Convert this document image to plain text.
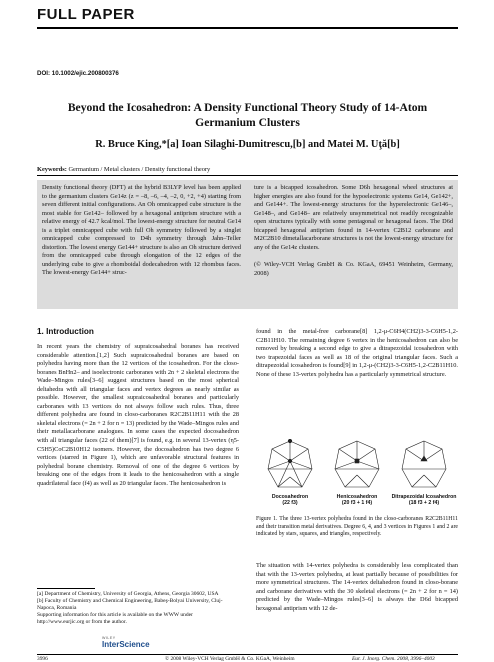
FULL PAPER
DOI: 10.1002/ejic.200800376
Beyond the Icosahedron: A Density Functional Theory Study of 14-Atom
Germanium Clusters
R. Bruce King,*[a] Ioan Silaghi-Dumitrescu,[b] and Matei M. Uţă[b]
Keywords: Germanium / Metal clusters / Density functional theory
Density functional theory (DFT) at the hybrid B3LYP level has been applied to the germanium clusters Ge14z (z = –8, –6, –4, –2, 0, +2, +4) starting from seven different initial configurations. An Oh omnicapped cube structure is the most stable for Ge142– followed by a hexagonal antiprism structure with a relative energy of 42.7 kcal/mol. The lowest-energy structure for neutral Ge14 is a triplet omnicapped cube with full Oh symmetry followed by a singlet omnicapped cube compressed to D4h symmetry through Jahn–Teller distortion. The lowest energy Ge144+ structure is also an Oh structure derived from the omnicapped cube through elongation of the 12 edges of the underlying cube to give a rhomboidal dodecahedron with 12 rhombus faces. The lowest-energy Ge144+ struc-
ture is a bicapped icosahedron. Some D6h hexagonal wheel structures at higher energies are also found for the hypoelectronic systems Ge14, Ge142+, and Ge144+. The lowest-energy structures for the hyperelectronic Ge146–, Ge148–, and Ge148– are relatively unsymmetrical not readily recognizable open structures typically with some pentagonal or hexagonal faces. The D6d bicapped hexagonal antiprism found in 14-vertex C2B12 carborane and M2C2B10 dimetallacarborane structures is not the lowest-energy structure for any of the Ge14z clusters.
(© Wiley-VCH Verlag GmbH & Co. KGaA, 69451 Weinheim, Germany, 2008)
1. Introduction
In recent years the chemistry of supraicosahedral boranes has received considerable attention.[1,2] Such supraicosahedral boranes are based on polyhedra having more than the 12 vertices of the icosahedron. For the closo-boranes BnHn2– and isoelectronic carboranes with 2n + 2 skeletal electrons the Wade–Mingos rules[3–6] suggest structures based on the most spherical deltahedra with all triangular faces and vertex degrees as nearly similar as possible. However, the smallest supraicosahedral boranes and particularly carboranes with 13 vertices do not always follow such rules. Thus, three different polyhedra are found in closo-carboranes R2C2B11H11 with the 28 skeletal electrons (= 2n + 2 for n = 13) predicted by the Wade–Mingos rules and their metallacarborane analogues. In some cases the expected docosahedron with all triangular faces (22 of them)[7] is found, e.g. in several 13-vertex (η5-C5H5)CoC2B10H12 isomers. However, the docosahedron has two degree 6 vertices (starred in Figure 1), which are unfavorable structural features in polyhedral borane chemistry. Removal of one of the degree 6 vertices by breaking one of the edges from it leads to the henicosahedron with a single quadrilateral face (f4) as well as 20 triangular faces. The henicosahedron is
found in the metal-free carborane[8] 1,2-μ-C6H4(CH2)3-3-C6H5-1,2-C2B11H10. The remaining degree 6 vertex in the henicosahedron can also be removed by breaking a second edge to give a ditrapezoidal icosahedron with two trapezoidal faces as well as 18 of the original triangular faces. Such a ditrapezoidal icosahedron is found[9] in 1,2-μ-(CH2)3-3-C6H5-1,2-C2B11H10. None of these 13-vertex polyhedra has a particularly symmetrical structure.
Docosahedron
(22 f3)
Henicosahedron
(20 f3 + 1 f4)
Ditrapezoidal Icosahedron
(18 f3 + 2 f4)
Figure 1. The three 13-vertex polyhedra found in the closo-carboranes R2C2B11H11 and their transition metal derivatives. Degree 6, 4, and 3 vertices in Figures 1 and 2 are indicated by stars, squares, and triangles, respectively.
The situation with 14-vertex polyhedra is considerably less complicated than that with the 13-vertex polyhedra, at least partially because of possibilities for more symmetrical structures. The 14-vertex deltahedron found in closo-borane and carborane derivatives with the 30 skeletal electrons (= 2n + 2 for n = 14) predicted by the Wade–Mingos rules[3–6] is always the D6d bicapped hexagonal antiprism with 12 de-
[a] Department of Chemistry, University of Georgia, Athens, Georgia 30602, USA
[b] Faculty of Chemistry and Chemical Engineering, Babeş-Bolyai University, Cluj-Napoca, Romania
Supporting information for this article is available on the WWW under http://www.eurjic.org or from the author.
3996
WILEY
InterScience
© 2008 Wiley-VCH Verlag GmbH & Co. KGaA, Weinheim	Eur. J. Inorg. Chem. 2008, 3996–4003
